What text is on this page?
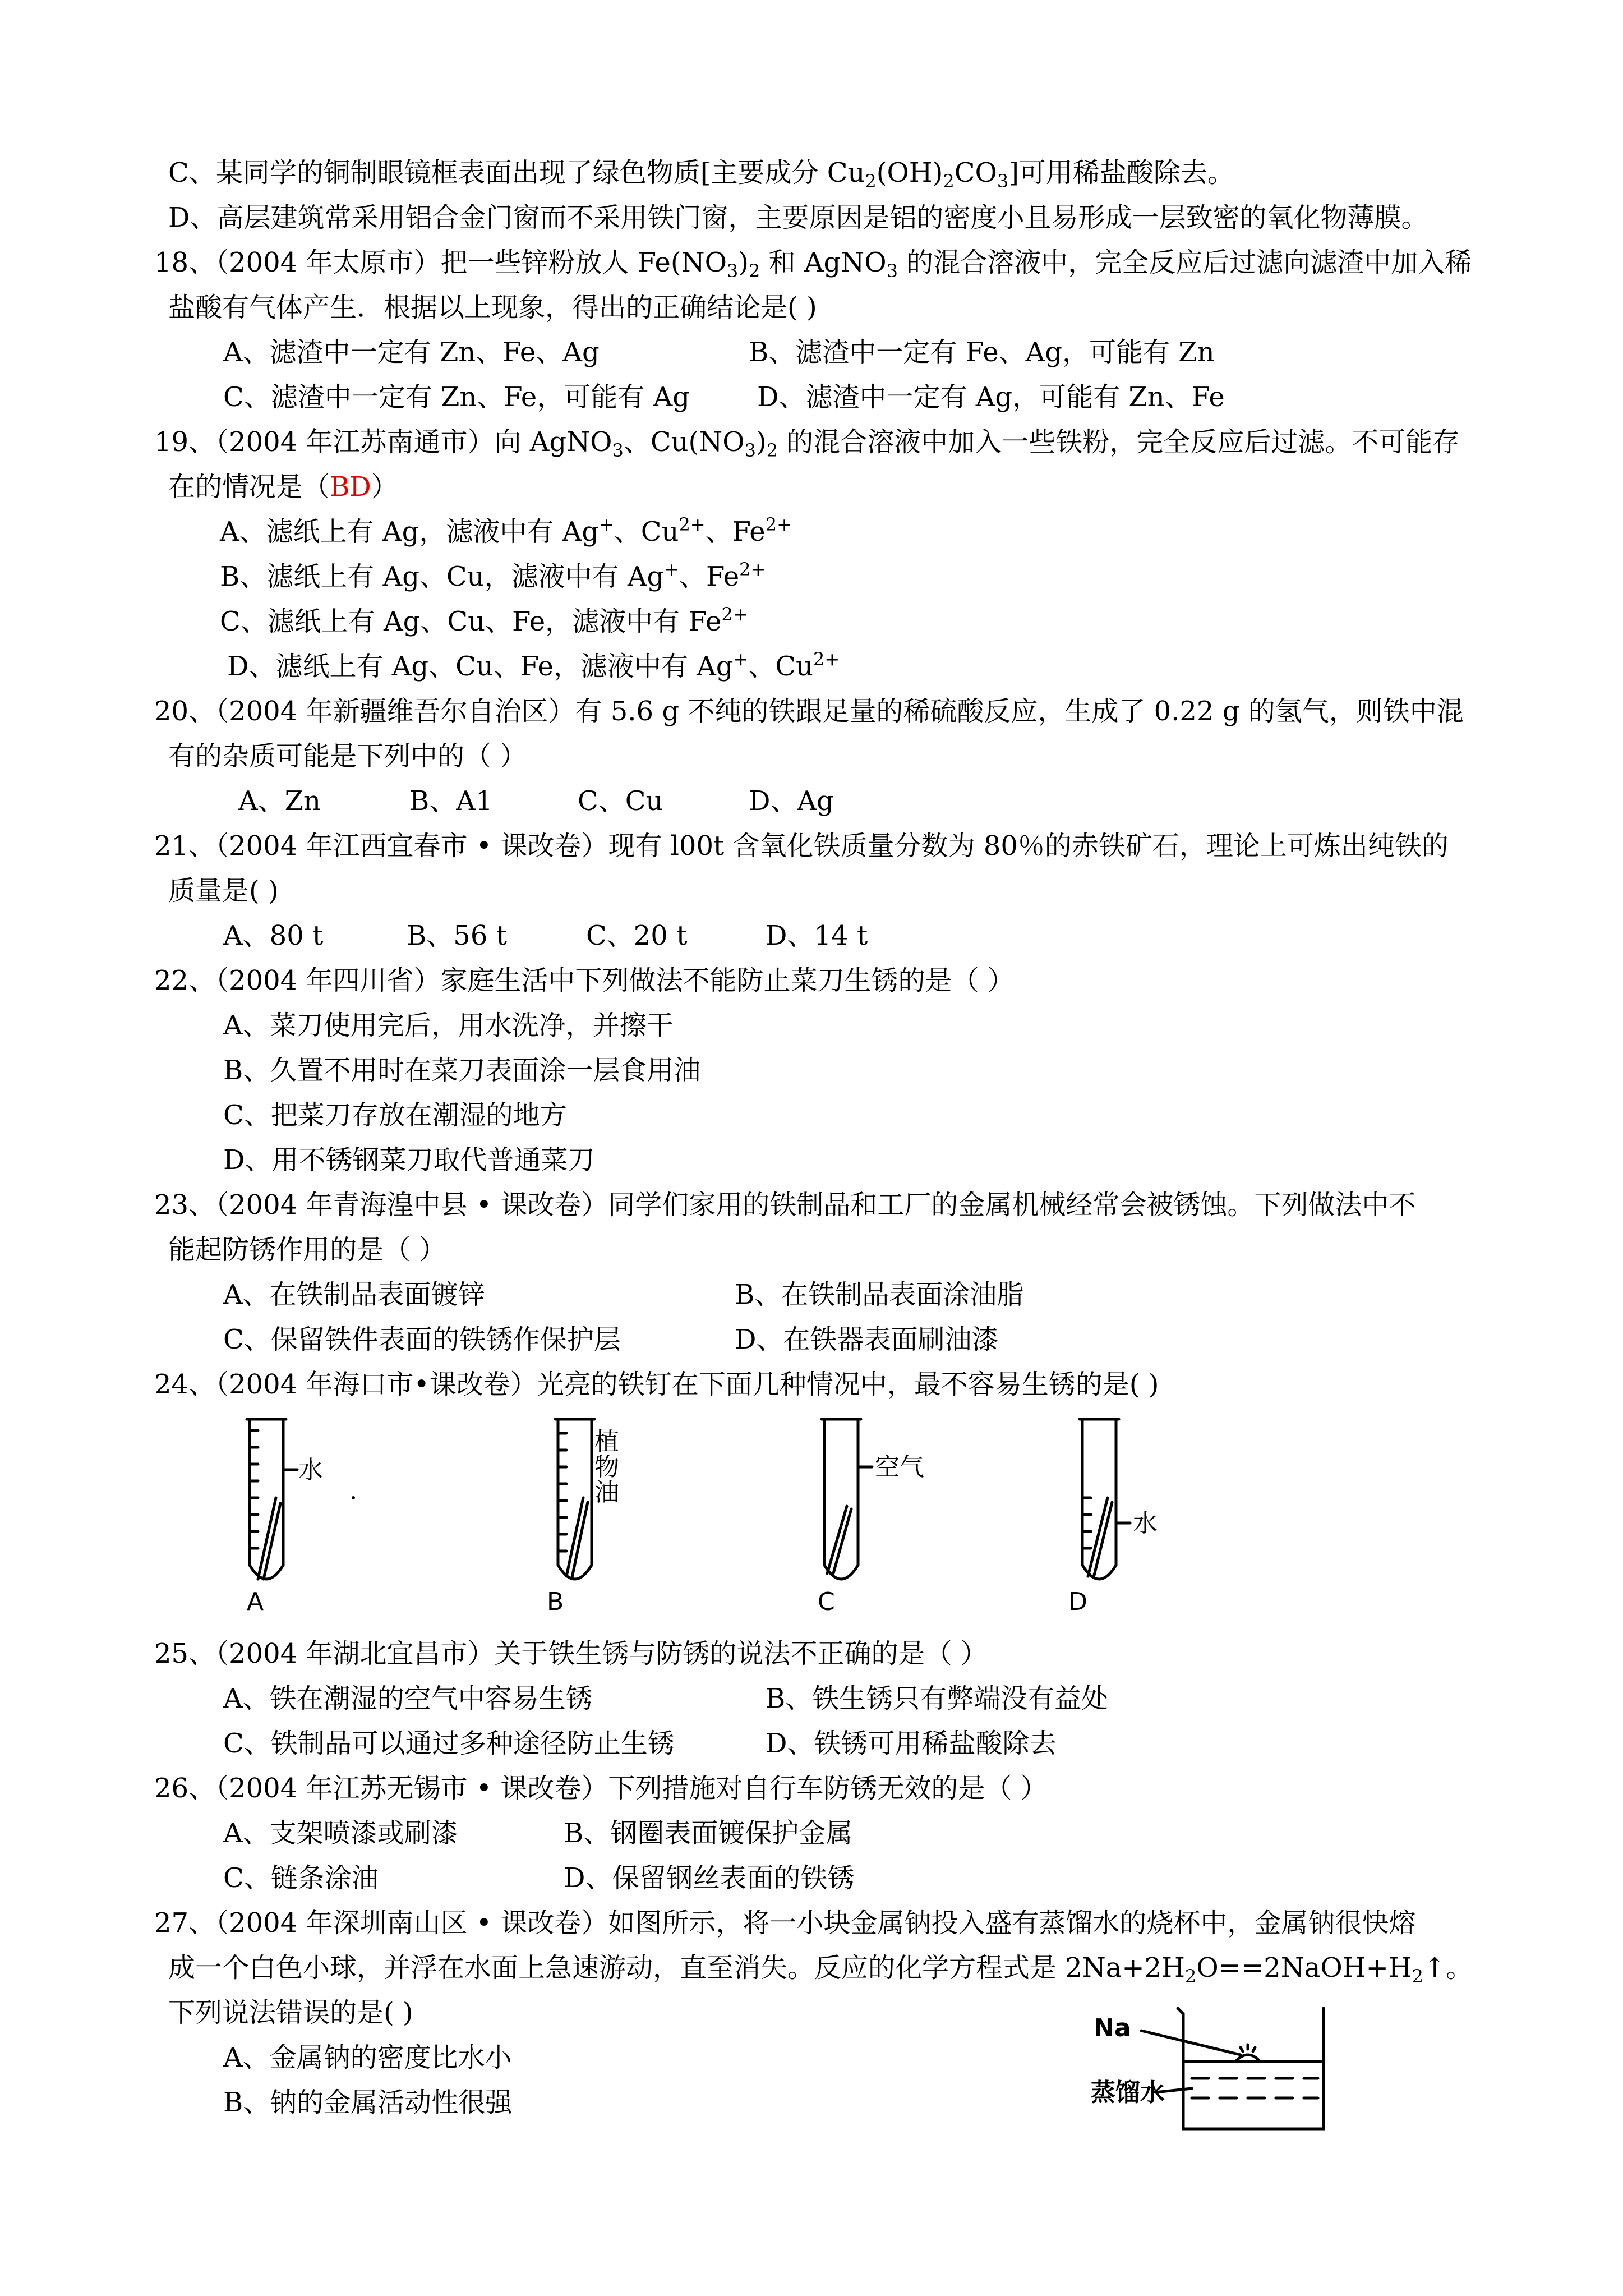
C、某同学的铜制眼镜框表面出现了绿色物质[主要成分 $Cu_2(OH)_2CO_3$]可用稀盐酸除去。
D、高层建筑常采用铝合金门窗而不采用铁门窗，主要原因是铝的密度小且易形成一层致密的氧化物薄膜。
18、（2004 年太原市）把一些锌粉放人 $Fe(NO_3)_2$ 和 AgNO$_3$ 的混合溶液中，完全反应后过滤向滤渣中加入稀
盐酸有气体产生．根据以上现象，得出的正确结论是( )
A、滤渣中一定有 Zn、Fe、Ag	B、滤渣中一定有 Fe、Ag，可能有 Zn
C、滤渣中一定有 Zn、Fe，可能有 Ag	D、滤渣中一定有 Ag，可能有 Zn、Fe
19、（2004 年江苏南通市）向 AgNO$_3$、$Cu(NO_3)_2$ 的混合溶液中加入一些铁粉，完全反应后过滤。不可能存
在的情况是（BD）
A、滤纸上有 Ag，滤液中有 Ag+、$Cu^{2+}$、$Fe^{2+}$
B、滤纸上有 Ag、Cu，滤液中有 Ag+、$Fe^{2+}$
C、滤纸上有 Ag、Cu、Fe，滤液中有 $Fe^{2+}$
D、滤纸上有 Ag、Cu、Fe，滤液中有 Ag+、$Cu^{2+}$
20、（2004 年新疆维吾尔自治区）有 5.6 g 不纯的铁跟足量的稀硫酸反应，生成了 0.22 g 的氢气，则铁中混
有的杂质可能是下列中的（ ）
A、Zn	B、A1	C、Cu	D、Ag
21、（2004 年江西宜春市 • 课改卷）现有 l00t 含氧化铁质量分数为 80％的赤铁矿石，理论上可炼出纯铁的
质量是( )
A、80 t	B、56 t	C、20 t	D、14 t
22、（2004 年四川省）家庭生活中下列做法不能防止菜刀生锈的是（ ）
A、菜刀使用完后，用水洗净，并擦干
B、久置不用时在菜刀表面涂一层食用油
C、把菜刀存放在潮湿的地方
D、用不锈钢菜刀取代普通菜刀
23、（2004 年青海湟中县 • 课改卷）同学们家用的铁制品和工厂的金属机械经常会被锈蚀。下列做法中不
能起防锈作用的是（ ）
A、在铁制品表面镀锌	B、在铁制品表面涂油脂
C、保留铁件表面的铁锈作保护层	D、在铁器表面刷油漆
24、（2004 年海口市•课改卷）光亮的铁钉在下面几种情况中，最不容易生锈的是( )
水
植
物
油
空气
水
A	B	C	D
25、（2004 年湖北宜昌市）关于铁生锈与防锈的说法不正确的是（ ）
A、铁在潮湿的空气中容易生锈	B、铁生锈只有弊端没有益处
C、铁制品可以通过多种途径防止生锈	D、铁锈可用稀盐酸除去
26、（2004 年江苏无锡市 • 课改卷）下列措施对自行车防锈无效的是（ ）
A、支架喷漆或刷漆	B、钢圈表面镀保护金属
C、链条涂油	D、保留钢丝表面的铁锈
27、（2004 年深圳南山区 • 课改卷）如图所示，将一小块金属钠投入盛有蒸馏水的烧杯中，金属钠很快熔
成一个白色小球，并浮在水面上急速游动，直至消失。反应的化学方程式是 $2Na+2H_2O==2NaOH+H_2↑$。
下列说法错误的是( )
A、金属钠的密度比水小
B、钠的金属活动性很强
Na
蒸馏水
